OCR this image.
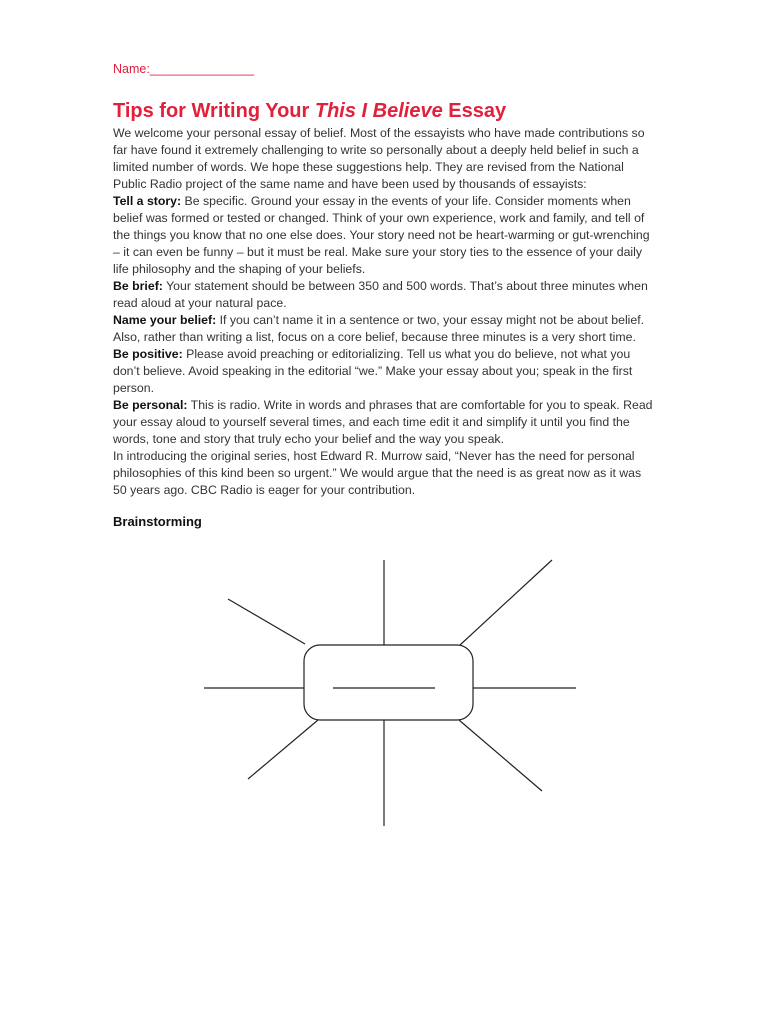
Name:_______________
Tips for Writing Your This I Believe Essay

We welcome your personal essay of belief. Most of the essayists who have made contributions so far have found it extremely challenging to write so personally about a deeply held belief in such a limited number of words. We hope these suggestions help. They are revised from the National Public Radio project of the same name and have been used by thousands of essayists:

Tell a story: Be specific. Ground your essay in the events of your life. Consider moments when belief was formed or tested or changed. Think of your own experience, work and family, and tell of the things you know that no one else does. Your story need not be heart-warming or gut-wrenching – it can even be funny – but it must be real. Make sure your story ties to the essence of your daily life philosophy and the shaping of your beliefs.

Be brief: Your statement should be between 350 and 500 words. That’s about three minutes when read aloud at your natural pace.

Name your belief: If you can’t name it in a sentence or two, your essay might not be about belief. Also, rather than writing a list, focus on a core belief, because three minutes is a very short time.

Be positive: Please avoid preaching or editorializing. Tell us what you do believe, not what you don’t believe. Avoid speaking in the editorial “we.” Make your essay about you; speak in the first person.

Be personal: This is radio. Write in words and phrases that are comfortable for you to speak. Read your essay aloud to yourself several times, and each time edit it and simplify it until you find the words, tone and story that truly echo your belief and the way you speak.

In introducing the original series, host Edward R. Murrow said, “Never has the need for personal philosophies of this kind been so urgent.” We would argue that the need is as great now as it was 50 years ago. CBC Radio is eager for your contribution.

Brainstorming
